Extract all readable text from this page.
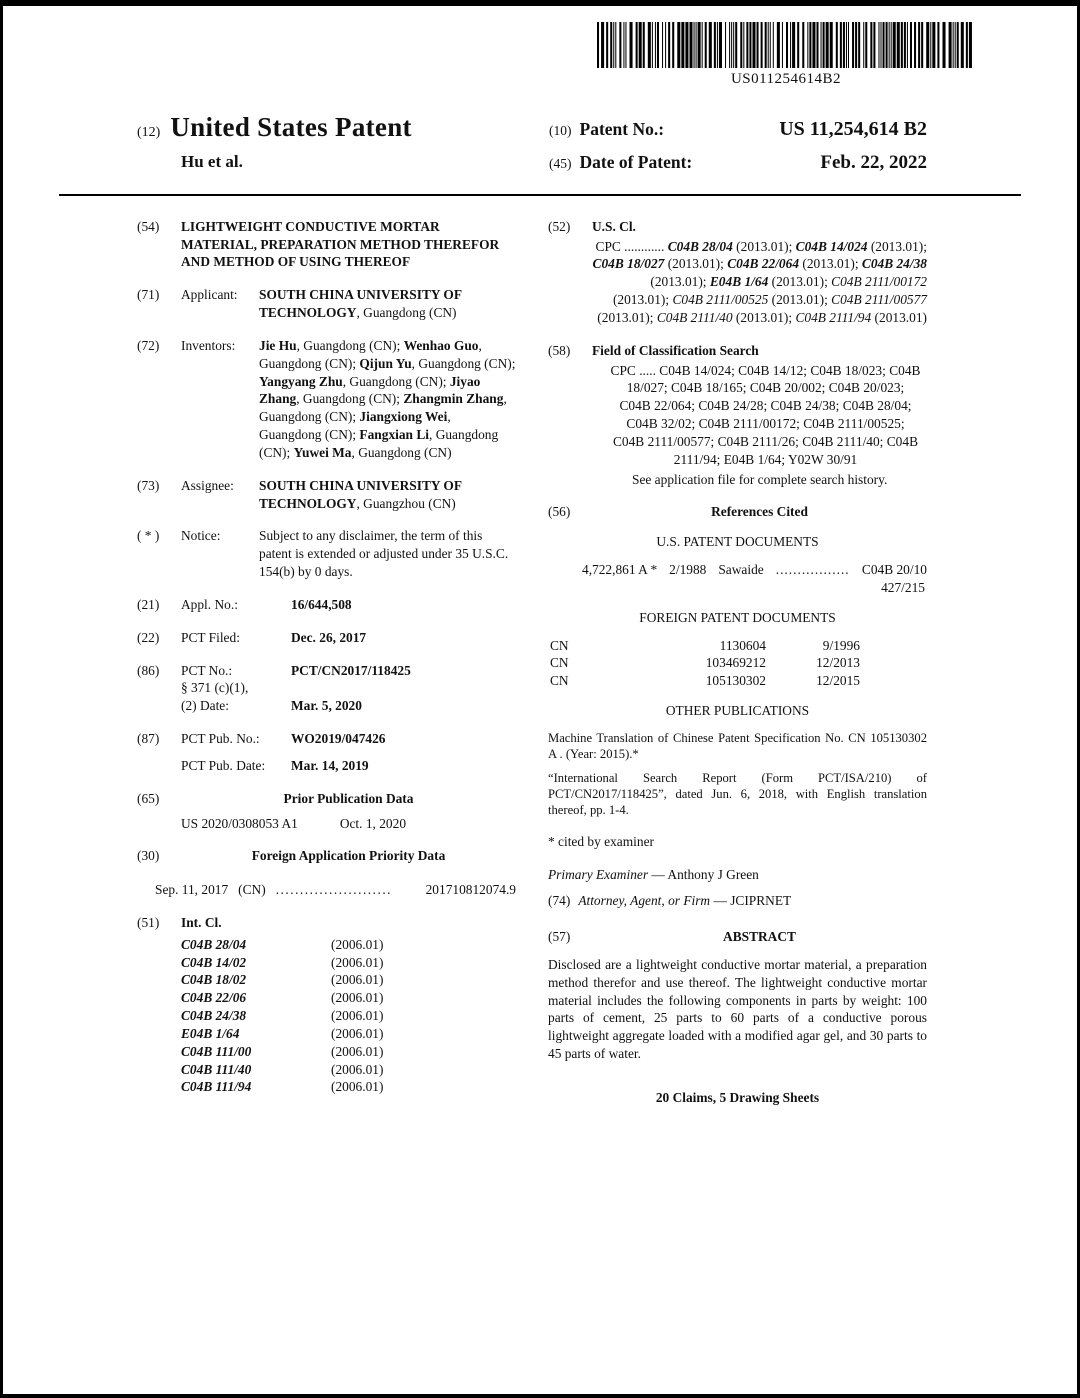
US011254614B2
(12) United States Patent
Hu et al.
(10) Patent No.:	US 11,254,614 B2
(45) Date of Patent:	Feb. 22, 2022
(54)	LIGHTWEIGHT CONDUCTIVE MORTAR MATERIAL, PREPARATION METHOD THEREFOR AND METHOD OF USING THEREOF
(71)	Applicant:	SOUTH CHINA UNIVERSITY OF TECHNOLOGY, Guangdong (CN)
(72)	Inventors:	Jie Hu, Guangdong (CN); Wenhao Guo, Guangdong (CN); Qijun Yu, Guangdong (CN); Yangyang Zhu, Guangdong (CN); Jiyao Zhang, Guangdong (CN); Zhangmin Zhang, Guangdong (CN); Jiangxiong Wei, Guangdong (CN); Fangxian Li, Guangdong (CN); Yuwei Ma, Guangdong (CN)
(73)	Assignee:	SOUTH CHINA UNIVERSITY OF TECHNOLOGY, Guangzhou (CN)
( * )	Notice:	Subject to any disclaimer, the term of this patent is extended or adjusted under 35 U.S.C. 154(b) by 0 days.
(21)	Appl. No.:	16/644,508
(22)	PCT Filed:	Dec. 26, 2017
(86)	PCT No.:	PCT/CN2017/118425
§ 371 (c)(1),
(2) Date:	Mar. 5, 2020
(87)	PCT Pub. No.:	WO2019/047426
PCT Pub. Date:	Mar. 14, 2019
(65)	Prior Publication Data
US 2020/0308053 A1	Oct. 1, 2020
(30)	Foreign Application Priority Data
Sep. 11, 2017 (CN) ........................	201710812074.9
(51)	Int. Cl.
C04B 28/04	(2006.01)
C04B 14/02	(2006.01)
C04B 18/02	(2006.01)
C04B 22/06	(2006.01)
C04B 24/38	(2006.01)
E04B 1/64	(2006.01)
C04B 111/00	(2006.01)
C04B 111/40	(2006.01)
C04B 111/94	(2006.01)
(52)	U.S. Cl.
CPC ............ C04B 28/04 (2013.01); C04B 14/024 (2013.01); C04B 18/027 (2013.01); C04B 22/064 (2013.01); C04B 24/38 (2013.01); E04B 1/64 (2013.01); C04B 2111/00172 (2013.01); C04B 2111/00525 (2013.01); C04B 2111/00577 (2013.01); C04B 2111/40 (2013.01); C04B 2111/94 (2013.01)
(58)	Field of Classification Search
CPC ..... C04B 14/024; C04B 14/12; C04B 18/023; C04B 18/027; C04B 18/165; C04B 20/002; C04B 20/023; C04B 22/064; C04B 24/28; C04B 24/38; C04B 28/04; C04B 32/02; C04B 2111/00172; C04B 2111/00525; C04B 2111/00577; C04B 2111/26; C04B 2111/40; C04B 2111/94; E04B 1/64; Y02W 30/91
See application file for complete search history.
(56)	References Cited
U.S. PATENT DOCUMENTS
4,722,861 A * 2/1988 Sawaide ................. C04B 20/10
427/215
FOREIGN PATENT DOCUMENTS
CN	1130604	9/1996
CN	103469212	12/2013
CN	105130302	12/2015
OTHER PUBLICATIONS

Machine Translation of Chinese Patent Specification No. CN 105130302 A . (Year: 2015).*

“International Search Report (Form PCT/ISA/210) of PCT/CN2017/118425”, dated Jun. 6, 2018, with English translation thereof, pp. 1-4.

* cited by examiner
Primary Examiner — Anthony J Green
(74) Attorney, Agent, or Firm — JCIPRNET
(57)	ABSTRACT

Disclosed are a lightweight conductive mortar material, a preparation method therefor and use thereof. The lightweight conductive mortar material includes the following components in parts by weight: 100 parts of cement, 25 parts to 60 parts of a conductive porous lightweight aggregate loaded with a modified agar gel, and 30 parts to 45 parts of water.

20 Claims, 5 Drawing Sheets
